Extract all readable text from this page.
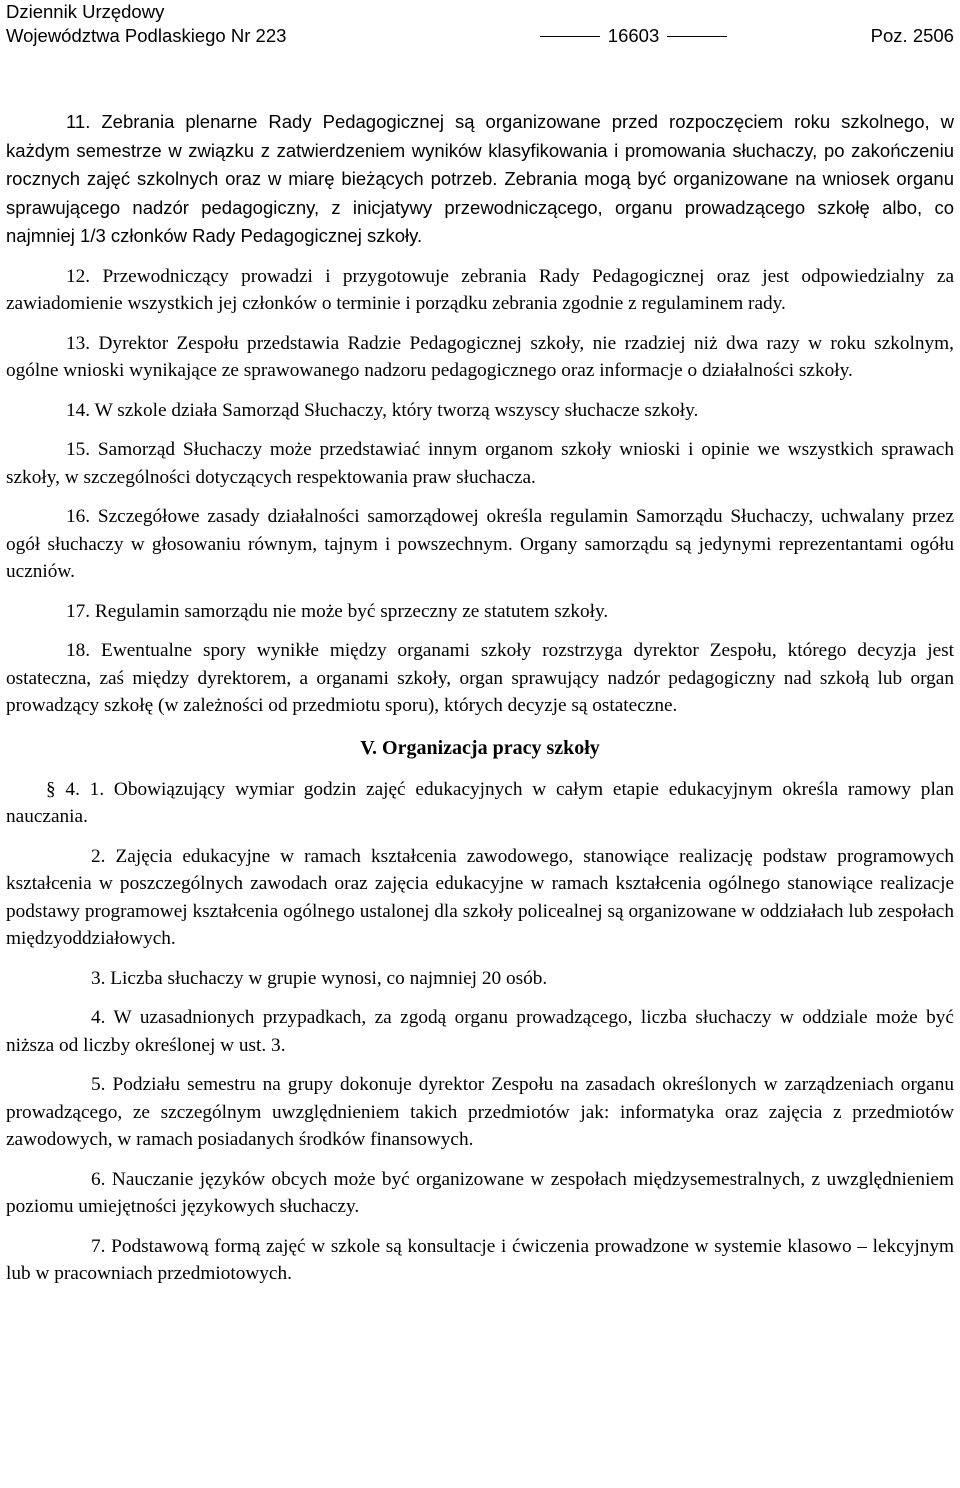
Dziennik Urzędowy
Województwa Podlaskiego Nr 223	16603	Poz. 2506

11. Zebrania plenarne Rady Pedagogicznej są organizowane przed rozpoczęciem roku szkolnego, w każdym semestrze w związku z zatwierdzeniem wyników klasyfikowania i promowania słuchaczy, po zakończeniu rocznych zajęć szkolnych oraz w miarę bieżących potrzeb. Zebrania mogą być organizowane na wniosek organu sprawującego nadzór pedagogiczny, z inicjatywy przewodniczącego, organu prowadzącego szkołę albo, co najmniej 1/3 członków Rady Pedagogicznej szkoły.

12. Przewodniczący prowadzi i przygotowuje zebrania Rady Pedagogicznej oraz jest odpowiedzialny za zawiadomienie wszystkich jej członków o terminie i porządku zebrania zgodnie z regulaminem rady.

13. Dyrektor Zespołu przedstawia Radzie Pedagogicznej szkoły, nie rzadziej niż dwa razy w roku szkolnym, ogólne wnioski wynikające ze sprawowanego nadzoru pedagogicznego oraz informacje o działalności szkoły.

14. W szkole działa Samorząd Słuchaczy, który tworzą wszyscy słuchacze szkoły.

15. Samorząd Słuchaczy może przedstawiać innym organom szkoły wnioski i opinie we wszystkich sprawach szkoły, w szczególności dotyczących respektowania praw słuchacza.

16. Szczegółowe zasady działalności samorządowej określa regulamin Samorządu Słuchaczy, uchwalany przez ogół słuchaczy w głosowaniu równym, tajnym i powszechnym. Organy samorządu są jedynymi reprezentantami ogółu uczniów.

17. Regulamin samorządu nie może być sprzeczny ze statutem szkoły.

18. Ewentualne spory wynikłe między organami szkoły rozstrzyga dyrektor Zespołu, którego decyzja jest ostateczna, zaś między dyrektorem, a organami szkoły, organ sprawujący nadzór pedagogiczny nad szkołą lub organ prowadzący szkołę (w zależności od przedmiotu sporu), których decyzje są ostateczne.

V. Organizacja pracy szkoły

§ 4. 1. Obowiązujący wymiar godzin zajęć edukacyjnych w całym etapie edukacyjnym określa ramowy plan nauczania.

2. Zajęcia edukacyjne w ramach kształcenia zawodowego, stanowiące realizację podstaw programowych kształcenia w poszczególnych zawodach oraz zajęcia edukacyjne w ramach kształcenia ogólnego stanowiące realizacje podstawy programowej kształcenia ogólnego ustalonej dla szkoły policealnej są organizowane w oddziałach lub zespołach międzyoddziałowych.

3. Liczba słuchaczy w grupie wynosi, co najmniej 20 osób.

4. W uzasadnionych przypadkach, za zgodą organu prowadzącego, liczba słuchaczy w oddziale może być niższa od liczby określonej w ust. 3.

5. Podziału semestru na grupy dokonuje dyrektor Zespołu na zasadach określonych w zarządzeniach organu prowadzącego, ze szczególnym uwzględnieniem takich przedmiotów jak: informatyka oraz zajęcia z przedmiotów zawodowych, w ramach posiadanych środków finansowych.

6. Nauczanie języków obcych może być organizowane w zespołach międzysemestralnych, z uwzględnieniem poziomu umiejętności językowych słuchaczy.

7. Podstawową formą zajęć w szkole są konsultacje i ćwiczenia prowadzone w systemie klasowo – lekcyjnym lub w pracowniach przedmiotowych.
